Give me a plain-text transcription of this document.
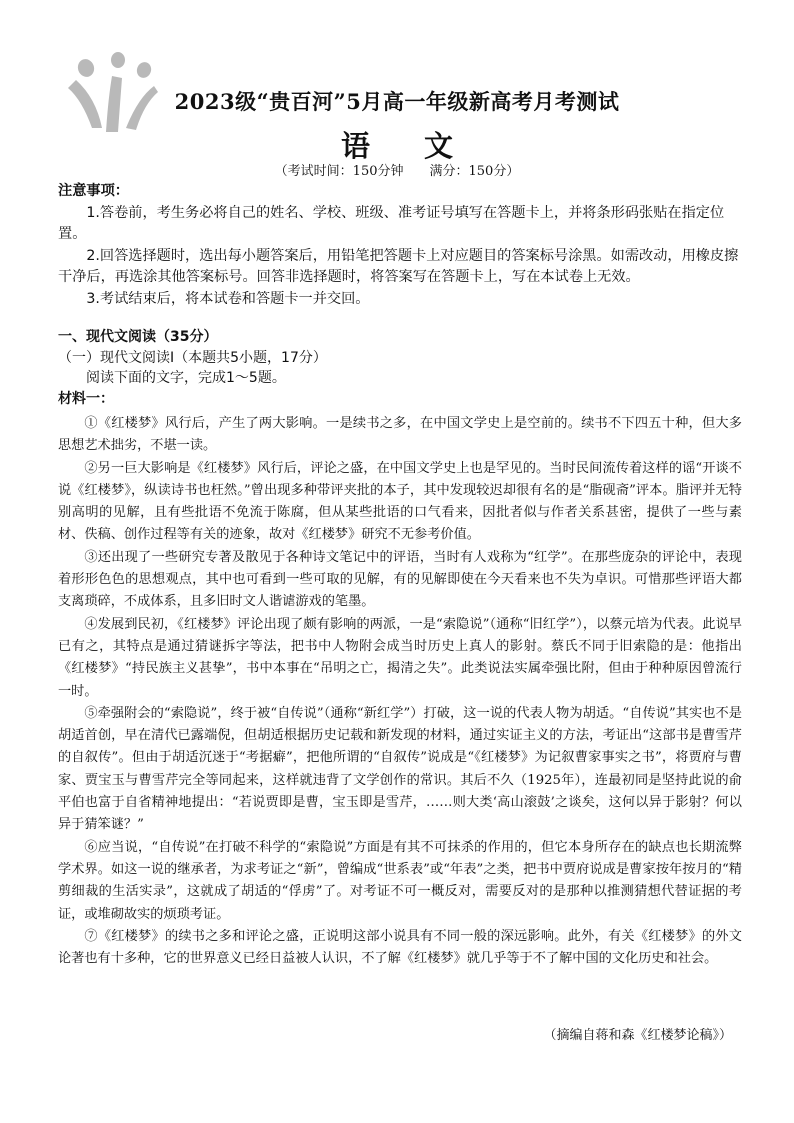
2023级“贵百河”5月高一年级新高考月考测试
语 文
（考试时间：150分钟 满分：150分）

注意事项：

1.答卷前，考生务必将自己的姓名、学校、班级、准考证号填写在答题卡上，并将条形码张贴在指定位置。

2.回答选择题时，选出每小题答案后，用铅笔把答题卡上对应题目的答案标号涂黑。如需改动，用橡皮擦干净后，再选涂其他答案标号。回答非选择题时，将答案写在答题卡上，写在本试卷上无效。

3.考试结束后，将本试卷和答题卡一并交回。

一、现代文阅读（35分）

（一）现代文阅读Ⅰ（本题共5小题，17分）

阅读下面的文字，完成1～5题。

材料一：

①《红楼梦》风行后，产生了两大影响。一是续书之多，在中国文学史上是空前的。续书不下四五十种，但大多思想艺术拙劣，不堪一读。

②另一巨大影响是《红楼梦》风行后，评论之盛，在中国文学史上也是罕见的。当时民间流传着这样的谣“开谈不说《红楼梦》，纵读诗书也枉然。”曾出现多种带评夹批的本子，其中发现较迟却很有名的是“脂砚斋”评本。脂评并无特别高明的见解，且有些批语不免流于陈腐，但从某些批语的口气看来，因批者似与作者关系甚密，提供了一些与素材、佚稿、创作过程等有关的迹象，故对《红楼梦》研究不无参考价值。

③还出现了一些研究专著及散见于各种诗文笔记中的评语，当时有人戏称为“红学”。在那些庞杂的评论中，表现着形形色色的思想观点，其中也可看到一些可取的见解，有的见解即使在今天看来也不失为卓识。可惜那些评语大都支离琐碎，不成体系，且多旧时文人谐谑游戏的笔墨。

④发展到民初，《红楼梦》评论出现了颇有影响的两派，一是“索隐说”（通称“旧红学”），以蔡元培为代表。此说早已有之，其特点是通过猜谜拆字等法，把书中人物附会成当时历史上真人的影射。蔡氏不同于旧索隐的是：他指出《红楼梦》“持民族主义甚挚”，书中本事在“吊明之亡，揭清之失”。此类说法实属牵强比附，但由于种种原因曾流行一时。

⑤牵强附会的“索隐说”，终于被“自传说”（通称“新红学”）打破，这一说的代表人物为胡适。“自传说”其实也不是胡适首创，早在清代已露端倪，但胡适根据历史记载和新发现的材料，通过实证主义的方法，考证出“这部书是曹雪芹的自叙传”。但由于胡适沉迷于“考据癖”，把他所谓的“自叙传”说成是“《红楼梦》为记叙曹家事实之书”，将贾府与曹家、贾宝玉与曹雪芹完全等同起来，这样就违背了文学创作的常识。其后不久（1925年），连最初同是坚持此说的俞平伯也富于自省精神地提出：“若说贾即是曹，宝玉即是雪芹，……则大类‘高山滚鼓’之谈矣，这何以异于影射？何以异于猜笨谜？”

⑥应当说，“自传说”在打破不科学的“索隐说”方面是有其不可抹杀的作用的，但它本身所存在的缺点也长期流弊学术界。如这一说的继承者，为求考证之“新”，曾编成“世系表”或“年表”之类，把书中贾府说成是曹家按年按月的“精剪细裁的生活实录”，这就成了胡适的“俘虏”了。对考证不可一概反对，需要反对的是那种以推测猜想代替证据的考证，或堆砌故实的烦琐考证。

⑦《红楼梦》的续书之多和评论之盛，正说明这部小说具有不同一般的深远影响。此外，有关《红楼梦》的外文论著也有十多种，它的世界意义已经日益被人认识，不了解《红楼梦》就几乎等于不了解中国的文化历史和社会。

（摘编自蒋和森《红楼梦论稿》）
